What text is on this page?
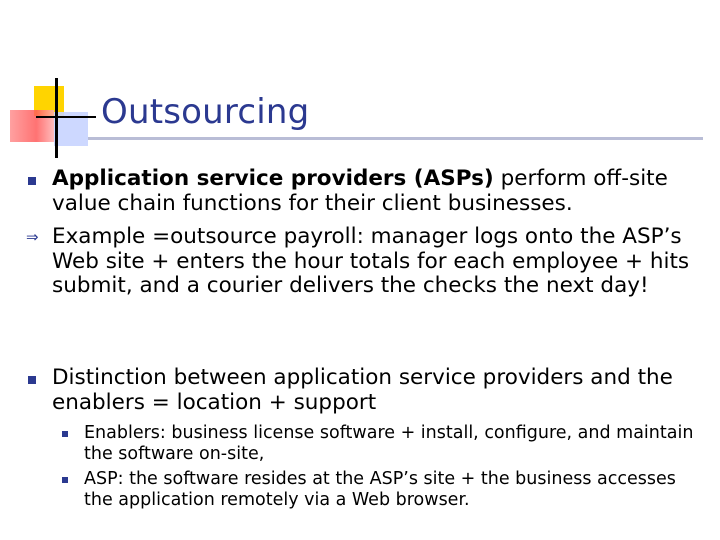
Outsourcing
Application service providers (ASPs) perform off-site value chain functions for their client businesses.
⇒ Example =outsource payroll: manager logs onto the ASP’s Web site + enters the hour totals for each employee + hits submit, and a courier delivers the checks the next day!
Distinction between application service providers and the enablers = location + support
Enablers: business license software + install, configure, and maintain the software on-site,
ASP: the software resides at the ASP’s site + the business accesses the application remotely via a Web browser.
